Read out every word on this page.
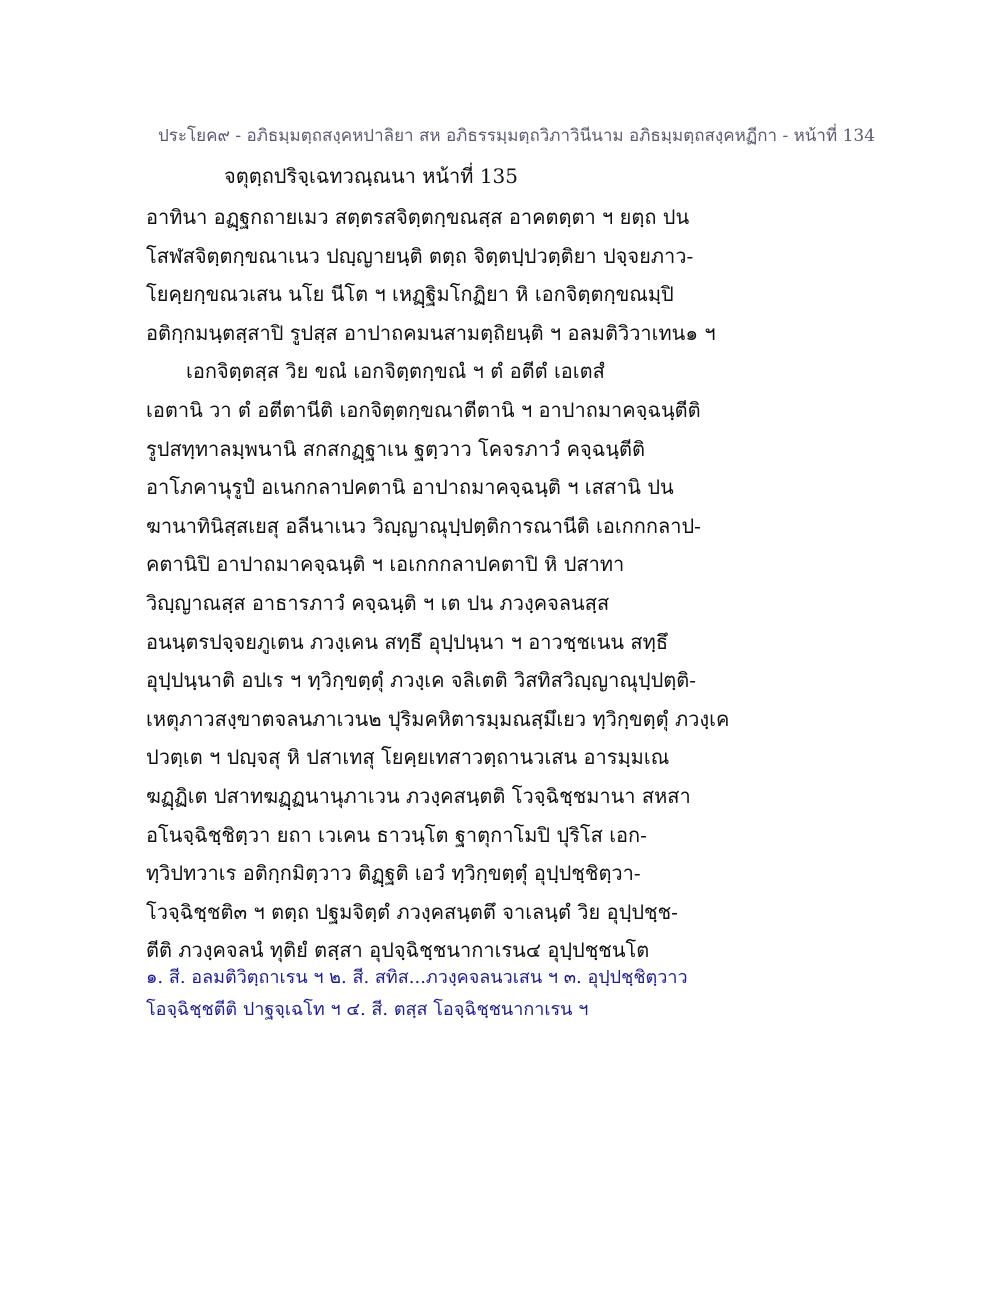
ประโยค๙ - อภิธมฺมตฺถสงฺคหปาลิยา สห อภิธรรมฺมตฺถวิภาวินีนาม อภิธมฺมตฺถสงฺคหฏีกา - หน้าที่ 134
จตุตฺถปริจฺเฉทวณฺณนา หน้าที่ 135
อาทินา อฏฺฐกถายเมว สตฺตรสจิตฺตกฺขณสฺส อาคตตฺตา ฯ ยตฺถ ปน
โสฬสจิตฺตกฺขณาเนว ปญฺญายนฺติ ตตฺถ จิตฺตปฺปวตฺติยา ปจฺจยภาว-
โยคฺยกฺขณวเสน นโย นีโต ฯ เหฏฺฐิมโกฏิยา หิ เอกจิตฺตกฺขณมฺปิ
อติกฺกมนฺตสฺสาปิ รูปสฺส อาปาถคมนสามตฺถิยนฺติ ฯ อลมติวิวาเทน๑ ฯ
เอกจิตฺตสฺส วิย ขณํ เอกจิตฺตกฺขณํ ฯ ตํ อตีตํ เอเตสํ
เอตานิ วา ตํ อตีตานีติ เอกจิตฺตกฺขณาตีตานิ ฯ อาปาถมาคจฺฉนฺตีติ
รูปสทฺทาลมฺพนานิ สกสกฏฺฐาเน ฐตฺวาว โคจรภาวํ คจฺฉนฺตีติ
อาโภคานุรูปํ อเนกกลาปคตานิ อาปาถมาคจฺฉนฺติ ฯ เสสานิ ปน
ฆานาทินิสฺสเยสุ อลีนาเนว วิญฺญาณุปฺปตฺติการณานีติ เอเกกกลาป-
คตานิปิ อาปาถมาคจฺฉนฺติ ฯ เอเกกกลาปคตาปิ หิ ปสาทา
วิญฺญาณสฺส อาธารภาวํ คจฺฉนฺติ ฯ เต ปน ภวงฺคจลนสฺส
อนนฺตรปจฺจยภูเตน ภวงฺเคน สทฺธึ อุปฺปนฺนา ฯ อาวชฺชเนน สทฺธึ
อุปฺปนฺนาติ อปเร ฯ ทฺวิกฺขตฺตุํ ภวงฺเค จลิเตติ วิสทิสวิญฺญาณุปฺปตฺติ-
เหตุภาวสงฺขาตจลนภาเวน๒ ปุริมคหิตารมฺมณสฺมึเยว ทฺวิกฺขตฺตุํ ภวงฺเค
ปวตฺเต ฯ ปญฺจสุ หิ ปสาเทสุ โยคฺยเทสาวตฺถานวเสน อารมฺมเณ
ฆฏฺฏิเต ปสาทฆฏฺฏนานุภาเวน ภวงฺคสนฺตติ โวจฺฉิชฺชมานา สหสา
อโนจฺฉิชฺชิตฺวา ยถา เวเคน ธาวนฺโต ฐาตุกาโมปิ ปุริโส เอก-
ทฺวิปทวาเร อติกฺกมิตฺวาว ติฏฺฐติ เอวํ ทฺวิกฺขตฺตุํ อุปฺปชฺชิตฺวา-
โวจฺฉิชฺชติ๓ ฯ ตตฺถ ปฐมจิตฺตํ ภวงฺคสนฺตตึ จาเลนฺตํ วิย อุปฺปชฺช-
ตีติ ภวงฺคจลนํ ทุติยํ ตสฺสา อุปจฺฉิชฺชนากาเรน๔ อุปฺปชฺชนโต
๑. สี. อลมติวิตฺถาเรน ฯ ๒. สี. สทิส...ภวงฺคจลนวเสน ฯ ๓. อุปฺปชฺชิตฺวาว
โอจฺฉิชฺชตีติ ปาฐจฺเฉโท ฯ ๔. สี. ตสฺส โอจฺฉิชฺชนากาเรน ฯ
